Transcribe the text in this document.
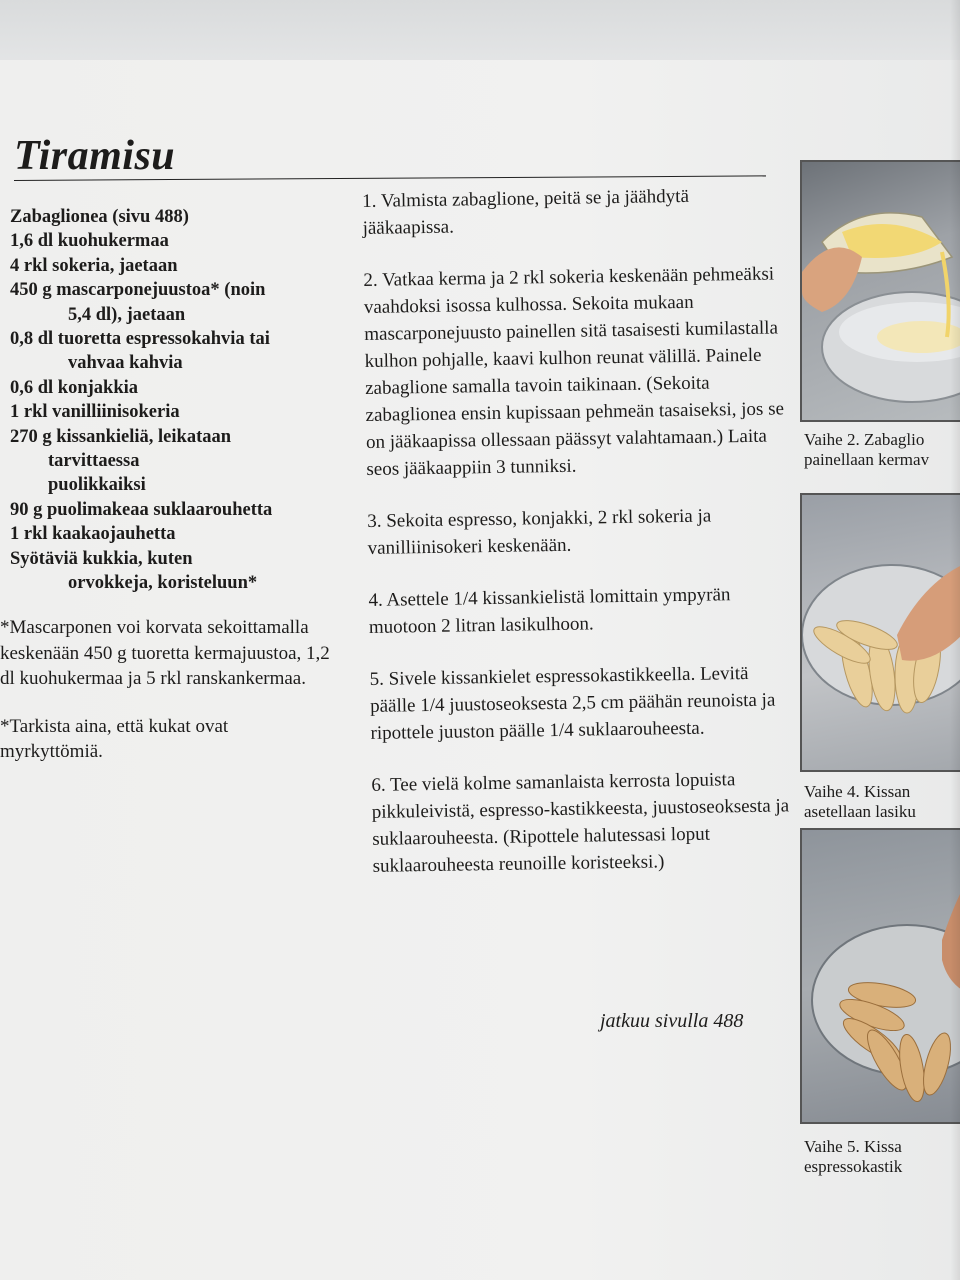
Tiramisu
Zabaglionea (sivu 488)
1,6 dl kuohukermaa
4 rkl sokeria, jaetaan
450 g mascarponejuustoa* (noin
5,4 dl), jaetaan
0,8 dl tuoretta espressokahvia tai
vahvaa kahvia
0,6 dl konjakkia
1 rkl vanilliinisokeria
270 g kissankieliä, leikataan
tarvittaessa
puolikkaiksi
90 g puolimakeaa suklaarouhetta
1 rkl kaakaojauhetta
Syötäviä kukkia, kuten
orvokkeja, koristeluun*

*Mascarponen voi korvata sekoittamalla keskenään 450 g tuoretta kermajuustoa, 1,2 dl kuohukermaa ja 5 rkl ranskankermaa.

*Tarkista aina, että kukat ovat myrkyttömiä.

1. Valmista zabaglione, peitä se ja jäähdytä jääkaapissa.

2. Vatkaa kerma ja 2 rkl sokeria keskenään pehmeäksi vaahdoksi isossa kulhossa. Sekoita mukaan mascarponejuusto painellen sitä tasaisesti kumilastalla kulhon pohjalle, kaavi kulhon reunat välillä. Painele zabaglione samalla tavoin taikinaan. (Sekoita zabaglionea ensin kupissaan pehmeän tasaiseksi, jos se on jääkaapissa ollessaan päässyt valahtamaan.) Laita seos jääkaappiin 3 tunniksi.

3. Sekoita espresso, konjakki, 2 rkl sokeria ja vanilliinisokeri keskenään.

4. Asettele 1/4 kissankielistä lomittain ympyrän muotoon 2 litran lasikulhoon.

5. Sivele kissankielet espressokastikkeella. Levitä päälle 1/4 juustoseoksesta 2,5 cm päähän reunoista ja ripottele juuston päälle 1/4 suklaarouheesta.

6. Tee vielä kolme samanlaista kerrosta lopuista pikkuleivistä, espresso-kastikkeesta, juustoseoksesta ja suklaarouheesta. (Ripottele halutessasi loput suklaarouheesta reunoille koristeeksi.)

jatkuu sivulla 488
Vaihe 2. Zabaglio
painellaan kermav
Vaihe 4. Kissan
asetellaan lasiku
Vaihe 5. Kissa
espressokastik
